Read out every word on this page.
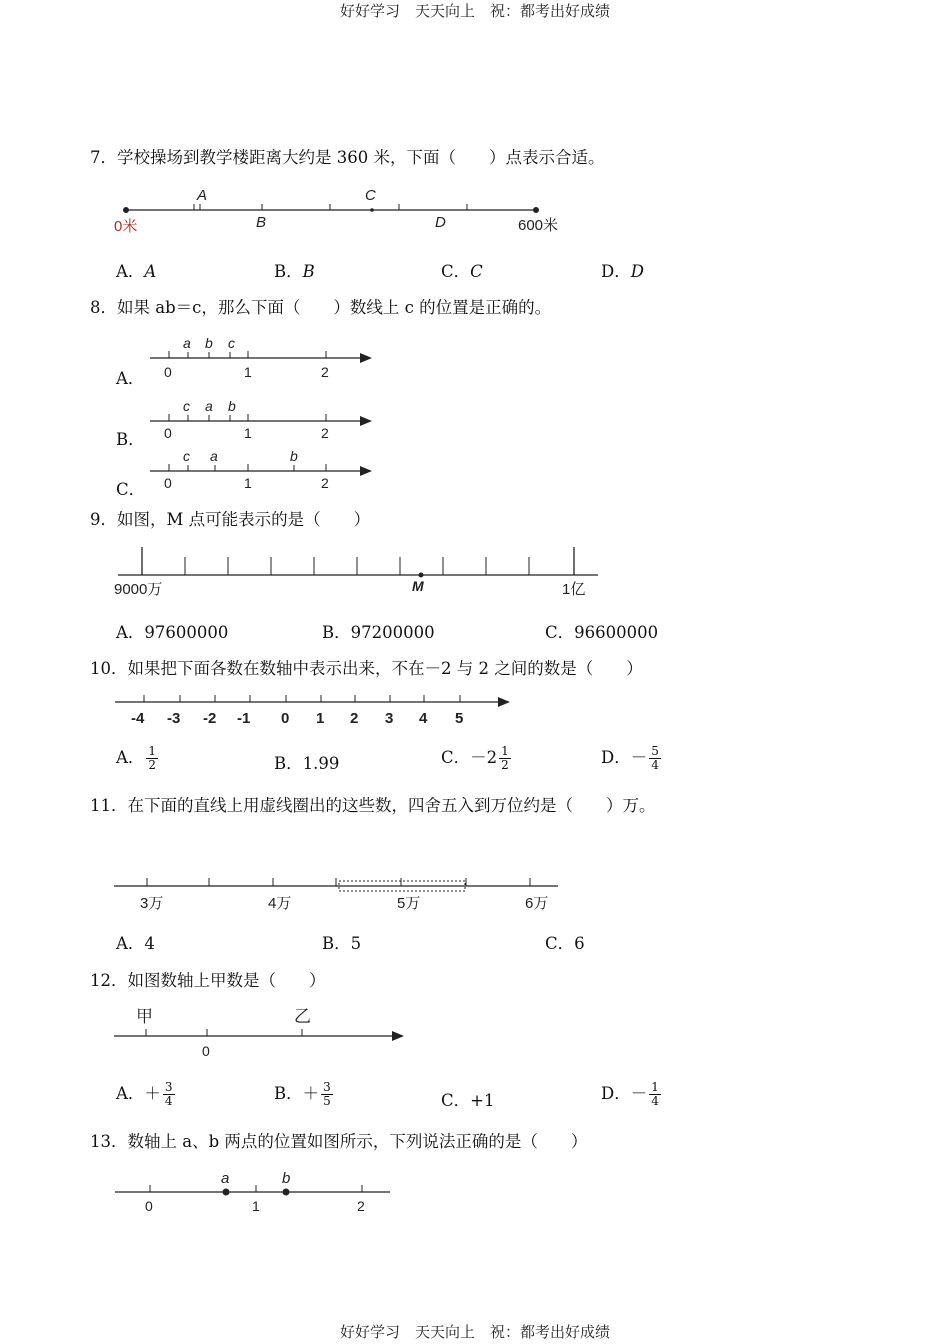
好好学习　天天向上　祝：都考出好成绩
好好学习　天天向上　祝：都考出好成绩
7．学校操场到教学楼距离大约是 360 米，下面（　　）点表示合适。
0米	600米
A
B
C
D
A．A	B．B	C．C	D．D
8．如果 ab＝c，那么下面（　　）数线上 c 的位置是正确的。
A．
a b c
0	1	2
B．
c a b
0	1	2
C．
c a	b
0	1	2
9．如图，M 点可能表示的是（　　）
9000万	1亿
M
A．97600000	B．97200000	C．96600000
10．如果把下面各数在数轴中表示出来，不在－2 与 2 之间的数是（　　）
-4 -3 -2 -1 0 1 2 3 4 5
A． $\frac{1}{2}$	B．1.99	C．$-2 \frac{1}{2}$	D．－ $\frac{5}{4}$
11．在下面的直线上用虚线圈出的这些数，四舍五入到万位约是（　　）万。
3万	4万	5万	6万
A．4	B．5	C．6
12．如图数轴上甲数是（　　）
甲	乙
0
A．＋ $\frac{3}{4}$	B．＋ $\frac{3}{5}$	C．+1	D．－ $\frac{1}{4}$
13．数轴上 a、b 两点的位置如图所示，下列说法正确的是（　　）
a	b
0	1	2
